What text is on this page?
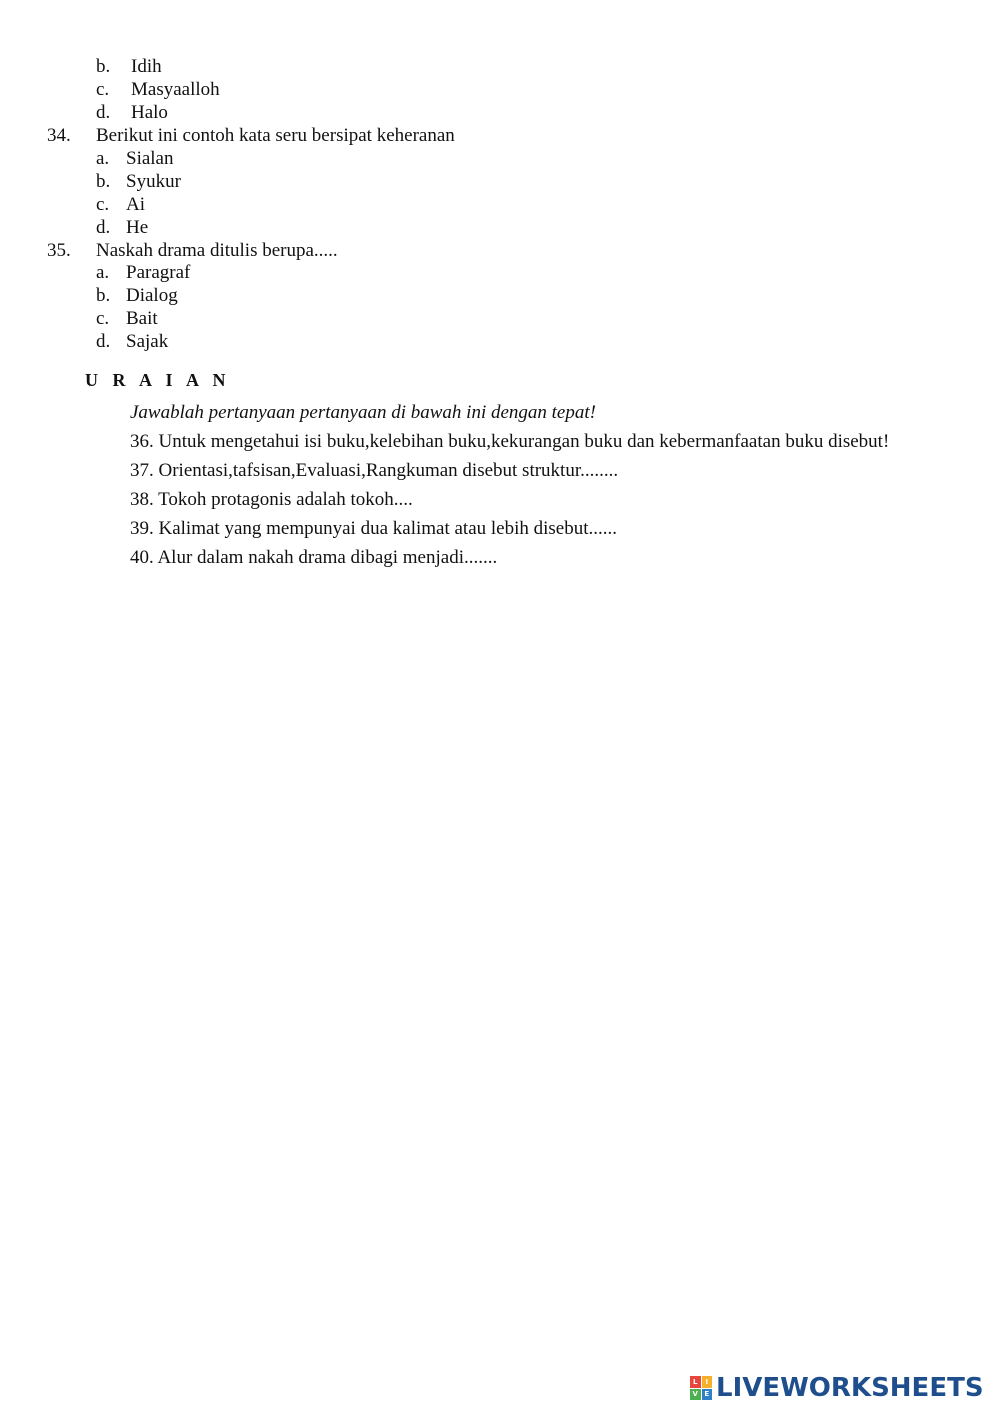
b. Idih
c. Masyaalloh
d. Halo
34. Berikut ini contoh kata seru bersipat keheranan
a. Sialan
b. Syukur
c. Ai
d. He
35. Naskah drama ditulis berupa.....
a. Paragraf
b. Dialog
c. Bait
d. Sajak
U R A I A N
Jawablah pertanyaan pertanyaan di bawah ini dengan tepat!
36. Untuk mengetahui isi buku,kelebihan buku,kekurangan buku dan kebermanfaatan buku disebut!
37. Orientasi,tafsisan,Evaluasi,Rangkuman disebut struktur........
38. Tokoh protagonis adalah tokoh....
39. Kalimat yang mempunyai dua kalimat atau lebih disebut......
40. Alur dalam nakah drama dibagi menjadi.......
L	I
V E LIVEWORKSHEETS
